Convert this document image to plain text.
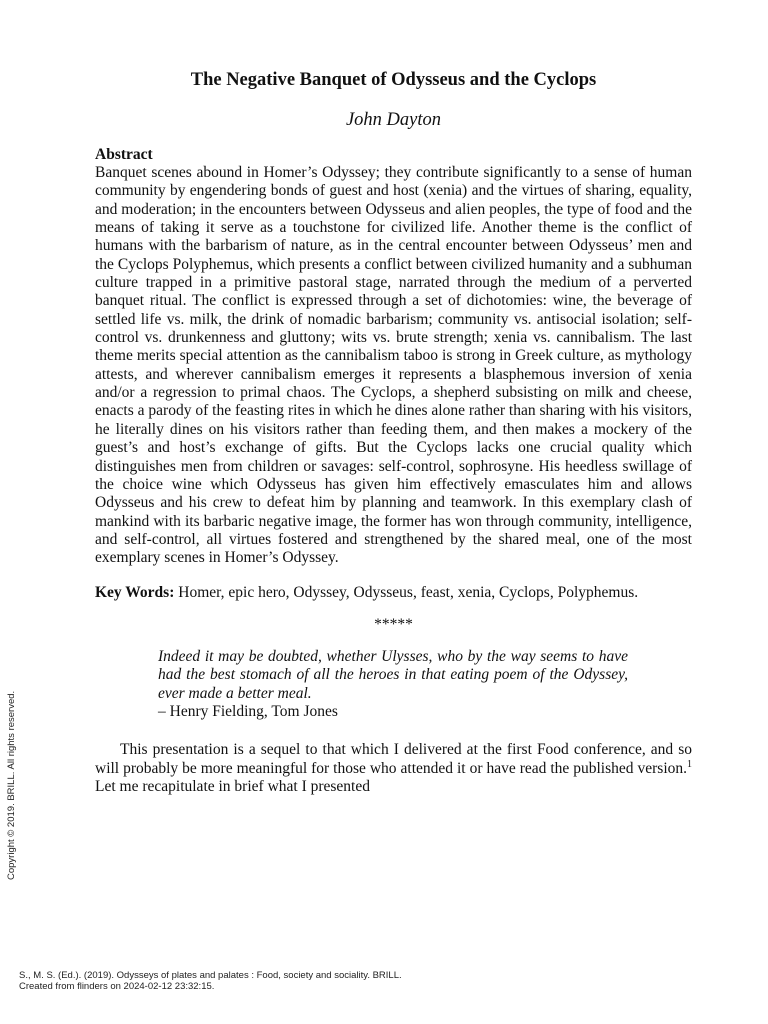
The Negative Banquet of Odysseus and the Cyclops

John Dayton

Abstract

Banquet scenes abound in Homer’s Odyssey; they contribute significantly to a sense of human community by engendering bonds of guest and host (xenia) and the virtues of sharing, equality, and moderation; in the encounters between Odysseus and alien peoples, the type of food and the means of taking it serve as a touchstone for civilized life. Another theme is the conflict of humans with the barbarism of nature, as in the central encounter between Odysseus’ men and the Cyclops Polyphemus, which presents a conflict between civilized humanity and a subhuman culture trapped in a primitive pastoral stage, narrated through the medium of a perverted banquet ritual. The conflict is expressed through a set of dichotomies: wine, the beverage of settled life vs. milk, the drink of nomadic barbarism; community vs. antisocial isolation; self-control vs. drunkenness and gluttony; wits vs. brute strength; xenia vs. cannibalism. The last theme merits special attention as the cannibalism taboo is strong in Greek culture, as mythology attests, and wherever cannibalism emerges it represents a blasphemous inversion of xenia and/or a regression to primal chaos. The Cyclops, a shepherd subsisting on milk and cheese, enacts a parody of the feasting rites in which he dines alone rather than sharing with his visitors, he literally dines on his visitors rather than feeding them, and then makes a mockery of the guest’s and host’s exchange of gifts. But the Cyclops lacks one crucial quality which distinguishes men from children or savages: self-control, sophrosyne. His heedless swillage of the choice wine which Odysseus has given him effectively emasculates him and allows Odysseus and his crew to defeat him by planning and teamwork. In this exemplary clash of mankind with its barbaric negative image, the former has won through community, intelligence, and self-control, all virtues fostered and strengthened by the shared meal, one of the most exemplary scenes in Homer’s Odyssey.

Key Words: Homer, epic hero, Odyssey, Odysseus, feast, xenia, Cyclops, Polyphemus.

*****

Indeed it may be doubted, whether Ulysses, who by the way seems to have had the best stomach of all the heroes in that eating poem of the Odyssey, ever made a better meal.

– Henry Fielding, Tom Jones

This presentation is a sequel to that which I delivered at the first Food conference, and so will probably be more meaningful for those who attended it or have read the published version.$^1$ Let me recapitulate in brief what I presented

Copyright © 2019. BRILL. All rights reserved.

S., M. S. (Ed.). (2019). Odysseys of plates and palates : Food, society and sociality. BRILL.

Created from flinders on 2024-02-12 23:32:15.
